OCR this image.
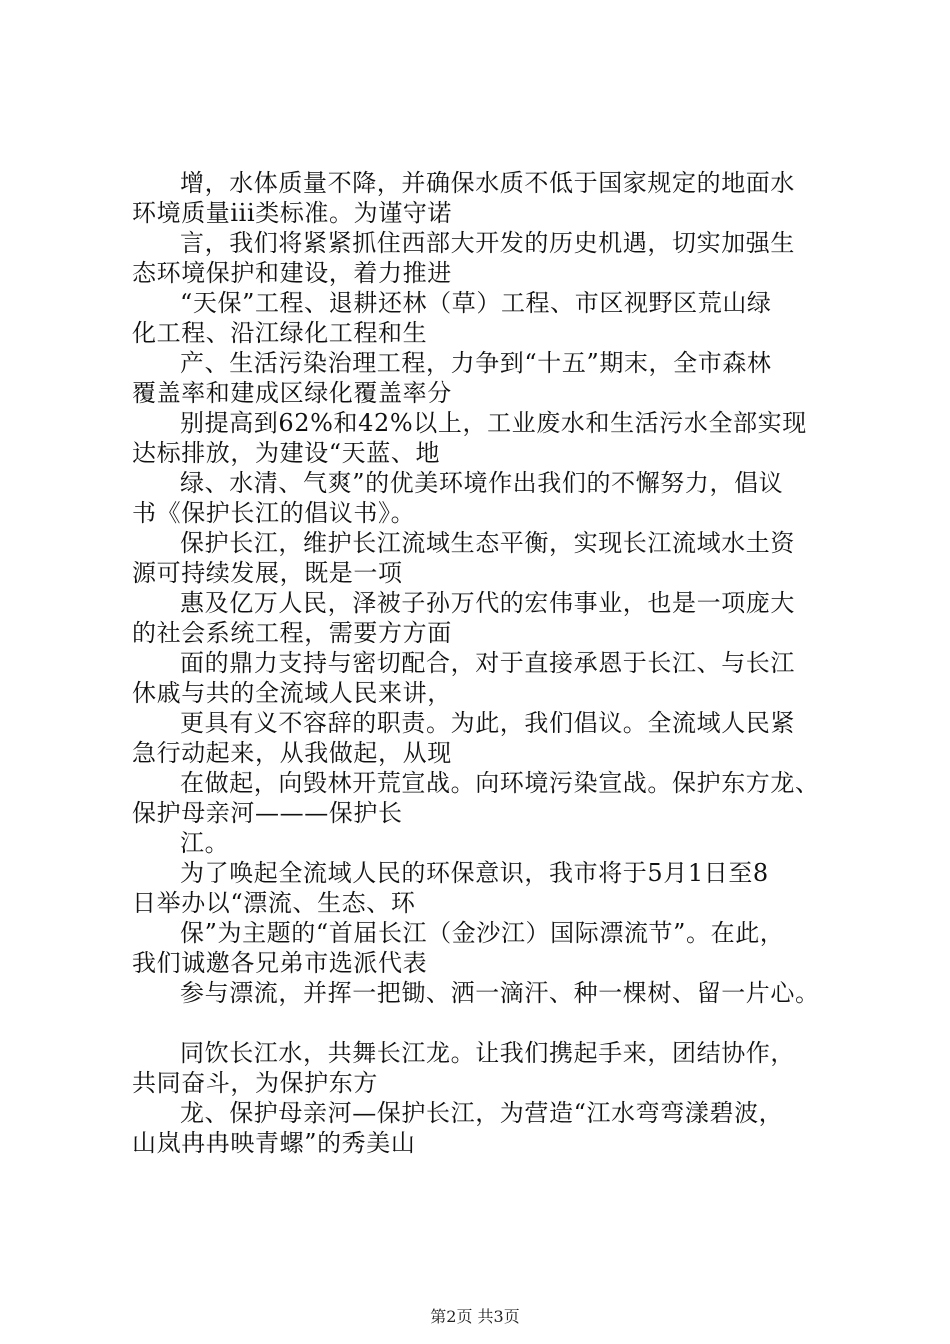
增，水体质量不降，并确保水质不低于国家规定的地面水
环境质量iii类标准。为谨守诺
言，我们将紧紧抓住西部大开发的历史机遇，切实加强生
态环境保护和建设，着力推进
“天保”工程、退耕还林（草）工程、市区视野区荒山绿
化工程、沿江绿化工程和生
产、生活污染治理工程，力争到“十五”期末，全市森林
覆盖率和建成区绿化覆盖率分
别提高到62%和42%以上，工业废水和生活污水全部实现
达标排放，为建设“天蓝、地
绿、水清、气爽”的优美环境作出我们的不懈努力，倡议
书《保护长江的倡议书》。
保护长江，维护长江流域生态平衡，实现长江流域水土资
源可持续发展，既是一项
惠及亿万人民，泽被子孙万代的宏伟事业，也是一项庞大
的社会系统工程，需要方方面
面的鼎力支持与密切配合，对于直接承恩于长江、与长江
休戚与共的全流域人民来讲，
更具有义不容辞的职责。为此，我们倡议。全流域人民紧
急行动起来，从我做起，从现
在做起，向毁林开荒宣战。向环境污染宣战。保护东方龙、
保护母亲河———保护长
江。
为了唤起全流域人民的环保意识，我市将于5月1日至8
日举办以“漂流、生态、环
保”为主题的“首届长江（金沙江）国际漂流节”。在此，
我们诚邀各兄弟市选派代表
参与漂流，并挥一把锄、洒一滴汗、种一棵树、留一片心。
同饮长江水，共舞长江龙。让我们携起手来，团结协作，
共同奋斗，为保护东方
龙、保护母亲河—保护长江，为营造“江水弯弯漾碧波，
山岚冉冉映青螺”的秀美山
第2页 共3页
